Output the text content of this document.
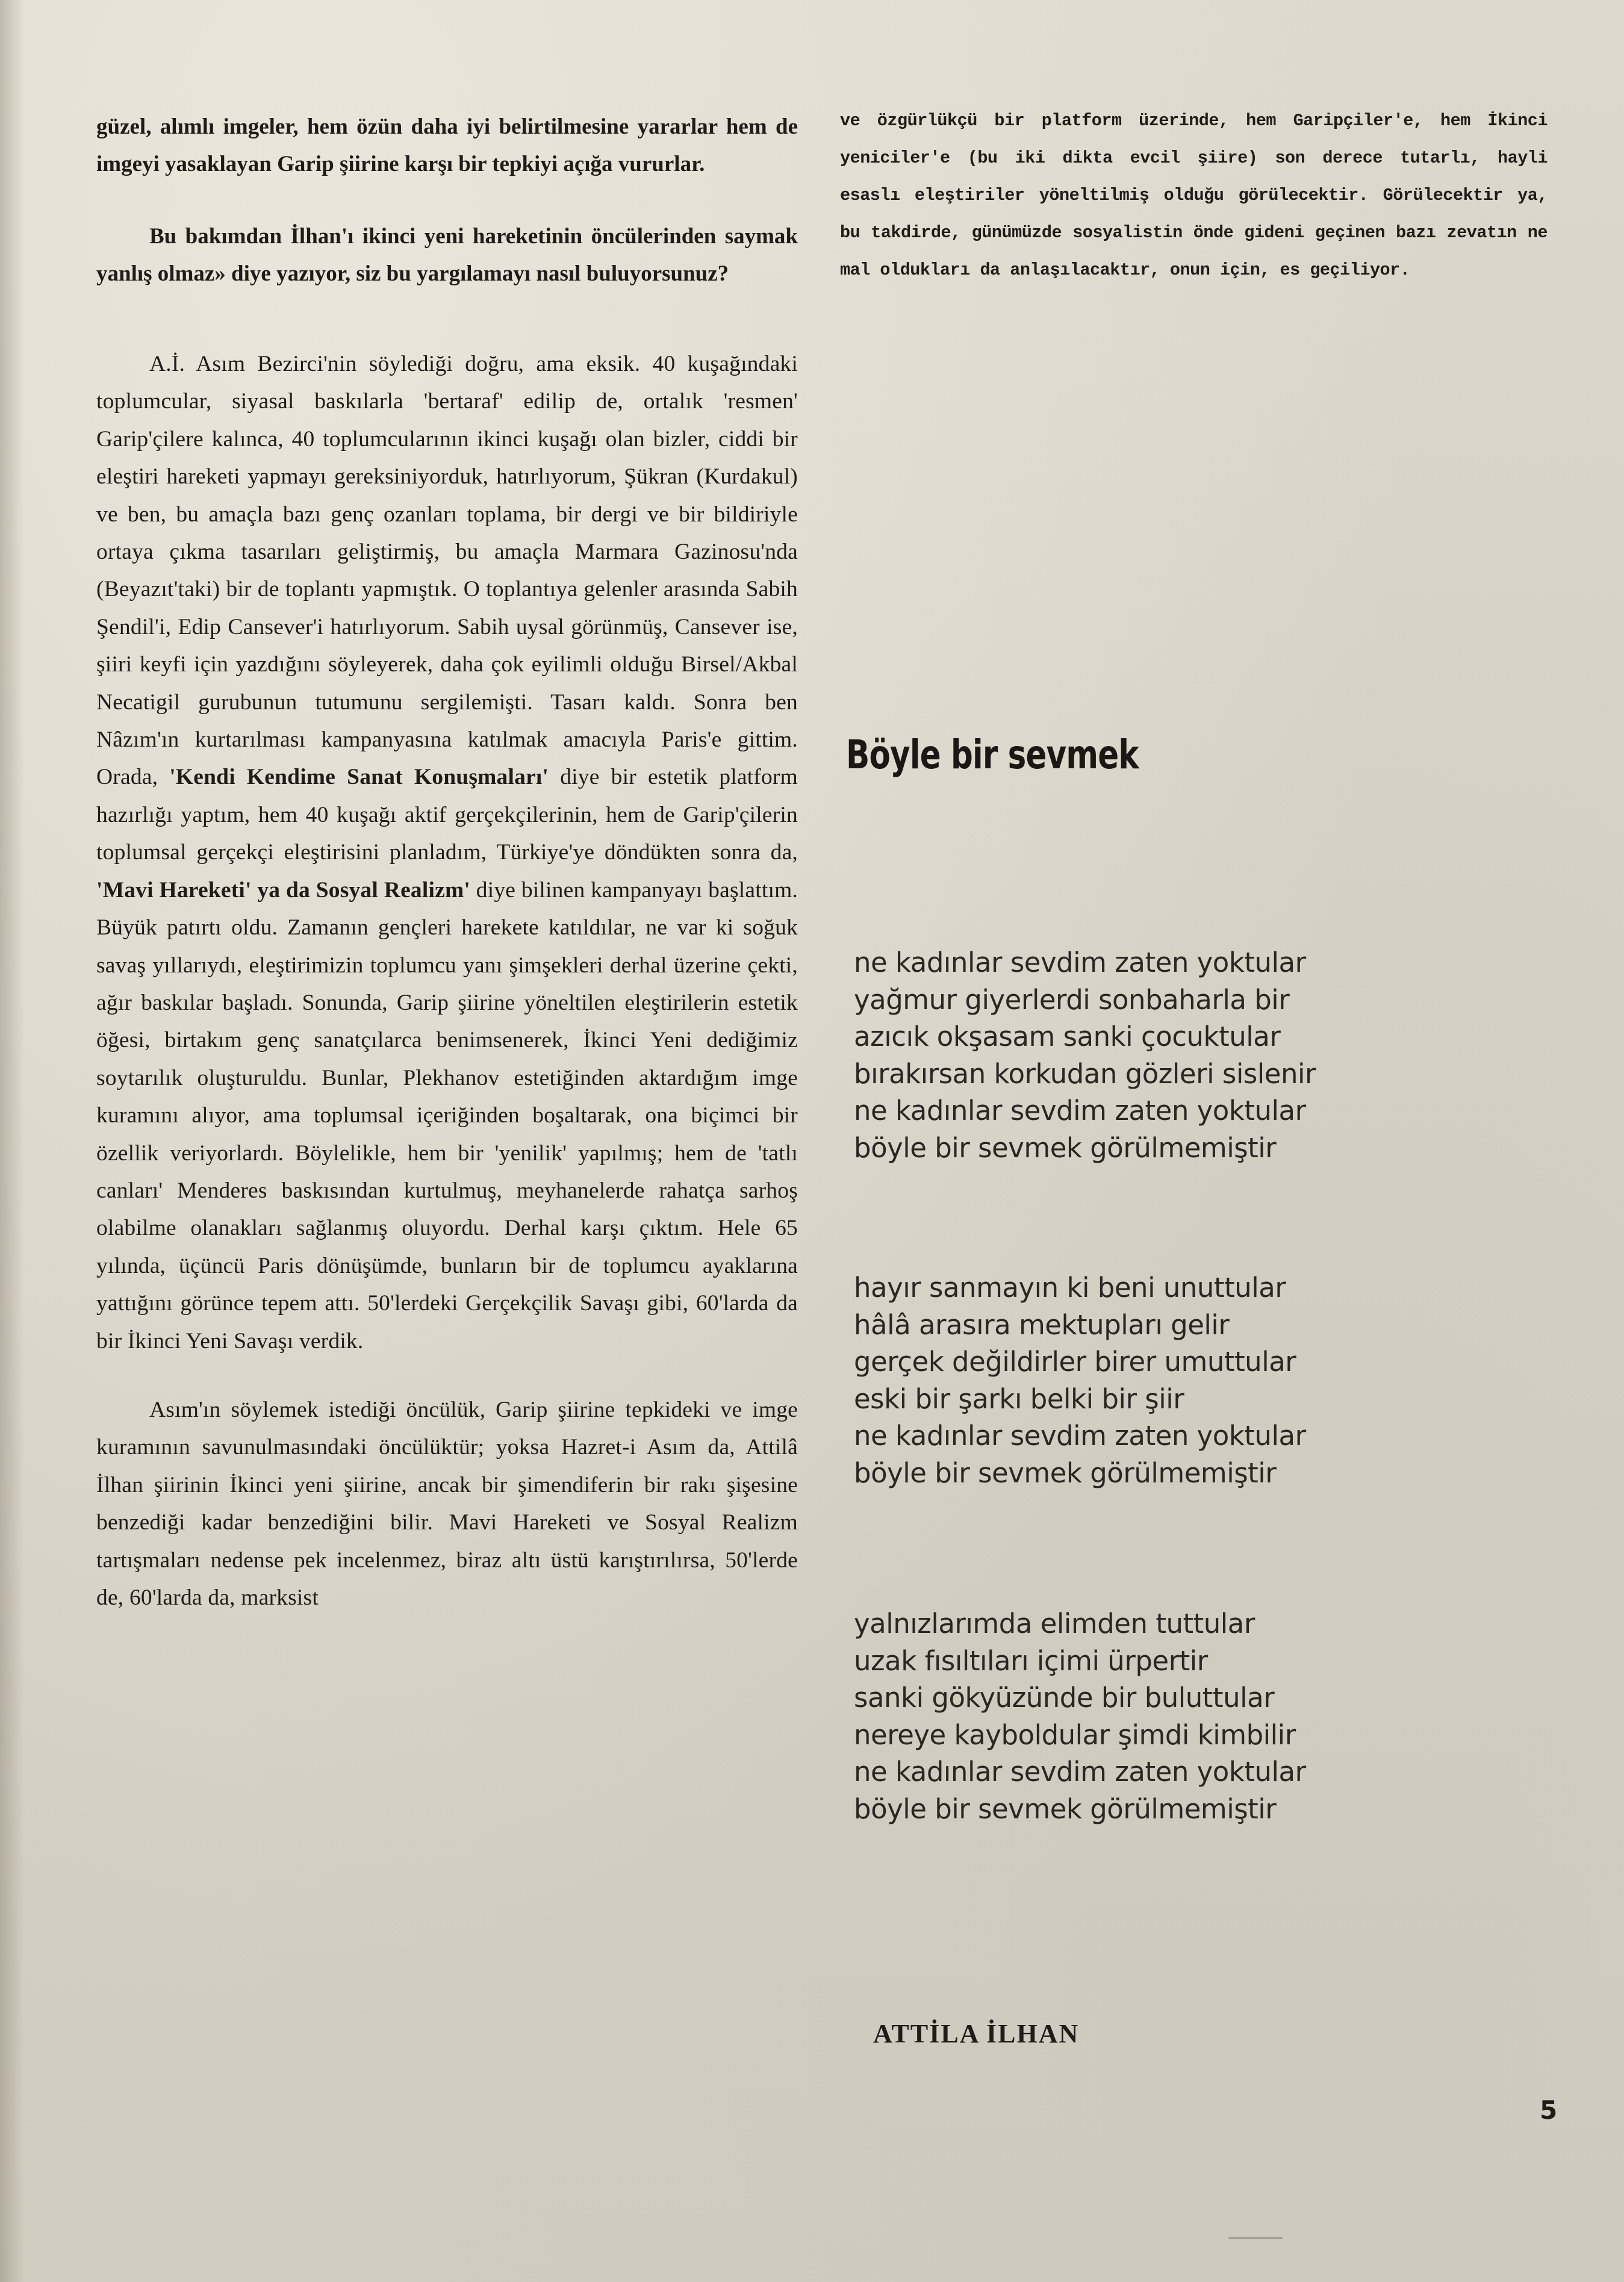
güzel, alımlı imgeler, hem özün daha iyi belirtilmesine yararlar hem de imgeyi yasaklayan Garip şiirine karşı bir tepkiyi açığa vururlar.

Bu bakımdan İlhan'ı ikinci yeni hareketinin öncülerinden saymak yanlış olmaz» diye yazıyor, siz bu yargılamayı nasıl buluyorsunuz?

A.İ. Asım Bezirci'nin söylediği doğru, ama eksik. 40 kuşağındaki toplumcular, siyasal baskılarla 'bertaraf' edilip de, ortalık 'resmen' Garip'çilere kalınca, 40 toplumcularının ikinci kuşağı olan bizler, ciddi bir eleştiri hareketi yapmayı gereksiniyorduk, hatırlıyorum, Şükran (Kurdakul) ve ben, bu amaçla bazı genç ozanları toplama, bir dergi ve bir bildiriyle ortaya çıkma tasarıları geliştirmiş, bu amaçla Marmara Gazinosu'nda (Beyazıt'taki) bir de toplantı yapmıştık. O toplantıya gelenler arasında Sabih Şendil'i, Edip Cansever'i hatırlıyorum. Sabih uysal görünmüş, Cansever ise, şiiri keyfi için yazdığını söyleyerek, daha çok eyilimli olduğu Birsel/Akbal Necatigil gurubunun tutumunu sergilemişti. Tasarı kaldı. Sonra ben Nâzım'ın kurtarılması kampanyasına katılmak amacıyla Paris'e gittim. Orada, 'Kendi Kendime Sanat Konuşmaları' diye bir estetik platform hazırlığı yaptım, hem 40 kuşağı aktif gerçekçilerinin, hem de Garip'çilerin toplumsal gerçekçi eleştirisini planladım, Türkiye'ye döndükten sonra da, 'Mavi Hareketi' ya da Sosyal Realizm' diye bilinen kampanyayı başlattım. Büyük patırtı oldu. Zamanın gençleri harekete katıldılar, ne var ki soğuk savaş yıllarıydı, eleştirimizin toplumcu yanı şimşekleri derhal üzerine çekti, ağır baskılar başladı. Sonunda, Garip şiirine yöneltilen eleştirilerin estetik öğesi, birtakım genç sanatçılarca benimsenerek, İkinci Yeni dediğimiz soytarılık oluşturuldu. Bunlar, Plekhanov estetiğinden aktardığım imge kuramını alıyor, ama toplumsal içeriğinden boşaltarak, ona biçimci bir özellik veriyorlardı. Böylelikle, hem bir 'yenilik' yapılmış; hem de 'tatlı canları' Menderes baskısından kurtulmuş, meyhanelerde rahatça sarhoş olabilme olanakları sağlanmış oluyordu. Derhal karşı çıktım. Hele 65 yılında, üçüncü Paris dönüşümde, bunların bir de toplumcu ayaklarına yattığını görünce tepem attı. 50'lerdeki Gerçekçilik Savaşı gibi, 60'larda da bir İkinci Yeni Savaşı verdik.

Asım'ın söylemek istediği öncülük, Garip şiirine tepkideki ve imge kuramının savunulmasındaki öncülüktür; yoksa Hazret-i Asım da, Attilâ İlhan şiirinin İkinci yeni şiirine, ancak bir şimendiferin bir rakı şişesine benzediği kadar benzediğini bilir. Mavi Hareketi ve Sosyal Realizm tartışmaları nedense pek incelenmez, biraz altı üstü karıştırılırsa, 50'lerde de, 60'larda da, marksist

ve özgürlükçü bir platform üzerinde, hem Garipçiler'e, hem İkinci yeniciler'e (bu iki dikta evcil şiire) son derece tutarlı, hayli esaslı eleştiriler yöneltilmiş olduğu görülecektir. Görülecektir ya, bu takdirde, günümüzde sosyalistin önde gideni geçinen bazı zevatın ne mal oldukları da anlaşılacaktır, onun için, es geçiliyor.

Böyle bir sevmek
ne kadınlar sevdim zaten yoktular
yağmur giyerlerdi sonbaharla bir
azıcık okşasam sanki çocuktular
bırakırsan korkudan gözleri sislenir
ne kadınlar sevdim zaten yoktular
böyle bir sevmek görülmemiştir
hayır sanmayın ki beni unuttular
hâlâ arasıra mektupları gelir
gerçek değildirler birer umuttular
eski bir şarkı belki bir şiir
ne kadınlar sevdim zaten yoktular
böyle bir sevmek görülmemiştir
yalnızlarımda elimden tuttular
uzak fısıltıları içimi ürpertir
sanki gökyüzünde bir buluttular
nereye kayboldular şimdi kimbilir
ne kadınlar sevdim zaten yoktular
böyle bir sevmek görülmemiştir
ATTİLA İLHAN
5
